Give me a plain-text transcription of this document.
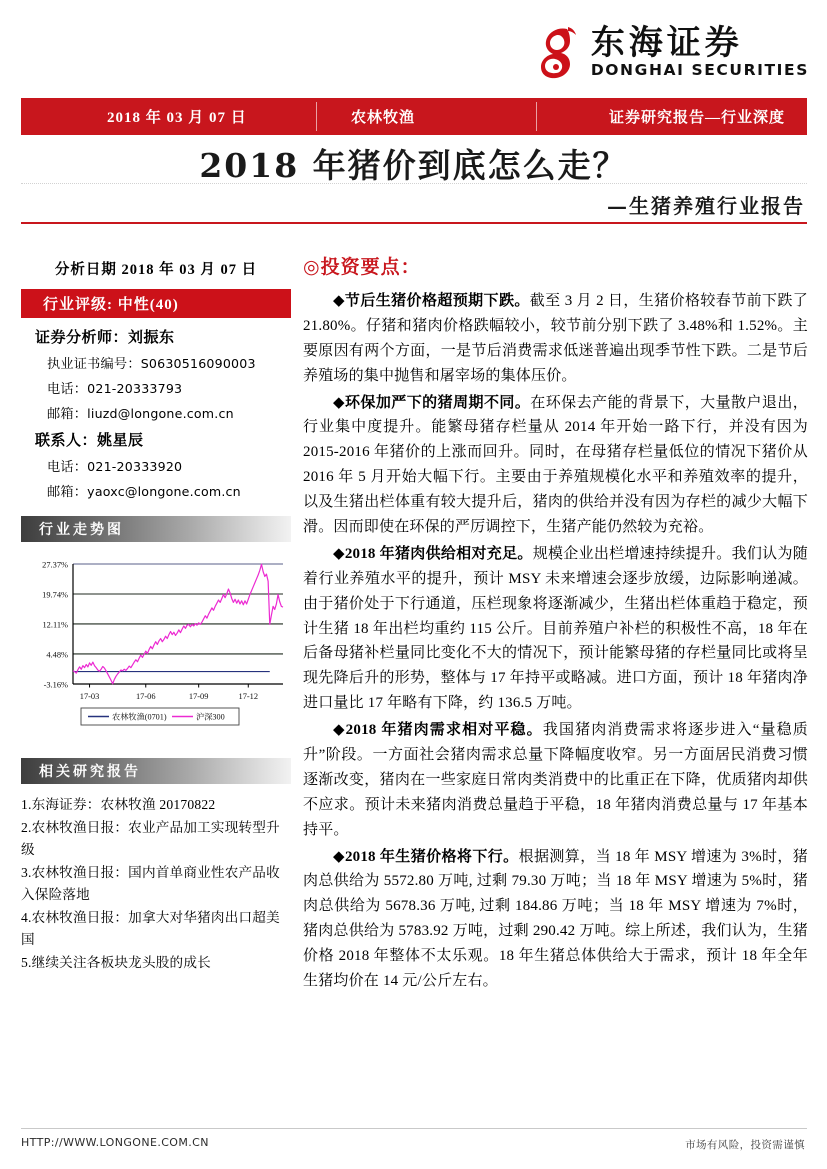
东海证券
DONGHAI SECURITIES
2018 年 03 月 07 日	农林牧渔	证券研究报告—行业深度
2018 年猪价到底怎么走？
—生猪养殖行业报告
分析日期 2018 年 03 月 07 日
行业评级: 中性(40)
证券分析师：刘振东
执业证书编号：S0630516090003
电话：021-20333793
邮箱：liuzd@longone.com.cn
联系人：姚星辰
电话：021-20333920
邮箱：yaoxc@longone.com.cn
行业走势图
27.37%
19.74%
12.11%
4.48%
-3.16%
17-03	17-06	17-09	17-12
农林牧渔(0701)	沪深300
相关研究报告
1.东海证券：农林牧渔 20170822
2.农林牧渔日报：农业产品加工实现转型升级
3.农林牧渔日报：国内首单商业性农产品收入保险落地
4.农林牧渔日报：加拿大对华猪肉出口超美国
5.继续关注各板块龙头股的成长
◎投资要点：

◆节后生猪价格超预期下跌。截至 3 月 2 日，生猪价格较春节前下跌了 21.80%。仔猪和猪肉价格跌幅较小，较节前分别下跌了 3.48%和 1.52%。主要原因有两个方面，一是节后消费需求低迷普遍出现季节性下跌。二是节后养殖场的集中抛售和屠宰场的集体压价。

◆环保加严下的猪周期不同。在环保去产能的背景下，大量散户退出，行业集中度提升。能繁母猪存栏量从 2014 年开始一路下行，并没有因为 2015-2016 年猪价的上涨而回升。同时，在母猪存栏量低位的情况下猪价从 2016 年 5 月开始大幅下行。主要由于养殖规模化水平和养殖效率的提升，以及生猪出栏体重有较大提升后，猪肉的供给并没有因为存栏的减少大幅下滑。因而即使在环保的严厉调控下，生猪产能仍然较为充裕。

◆2018 年猪肉供给相对充足。规模企业出栏增速持续提升。我们认为随着行业养殖水平的提升，预计 MSY 未来增速会逐步放缓，边际影响递减。由于猪价处于下行通道，压栏现象将逐渐减少，生猪出栏体重趋于稳定，预计生猪 18 年出栏均重约 115 公斤。目前养殖户补栏的积极性不高，18 年在后备母猪补栏量同比变化不大的情况下，预计能繁母猪的存栏量同比或将呈现先降后升的形势，整体与 17 年持平或略减。进口方面，预计 18 年猪肉净进口量比 17 年略有下降，约 136.5 万吨。

◆2018 年猪肉需求相对平稳。我国猪肉消费需求将逐步进入“量稳质升”阶段。一方面社会猪肉需求总量下降幅度收窄。另一方面居民消费习惯逐渐改变，猪肉在一些家庭日常肉类消费中的比重正在下降，优质猪肉却供不应求。预计未来猪肉消费总量趋于平稳，18 年猪肉消费总量与 17 年基本持平。

◆2018 年生猪价格将下行。根据测算，当 18 年 MSY 增速为 3%时，猪肉总供给为 5572.80 万吨, 过剩 79.30 万吨；当 18 年 MSY 增速为 5%时，猪肉总供给为 5678.36 万吨, 过剩 184.86 万吨；当 18 年 MSY 增速为 7%时，猪肉总供给为 5783.92 万吨，过剩 290.42 万吨。综上所述，我们认为，生猪价格 2018 年整体不太乐观。18 年生猪总体供给大于需求，预计 18 年全年生猪均价在 14 元/公斤左右。

HTTP://WWW.LONGONE.COM.CN	市场有风险，投资需谨慎
